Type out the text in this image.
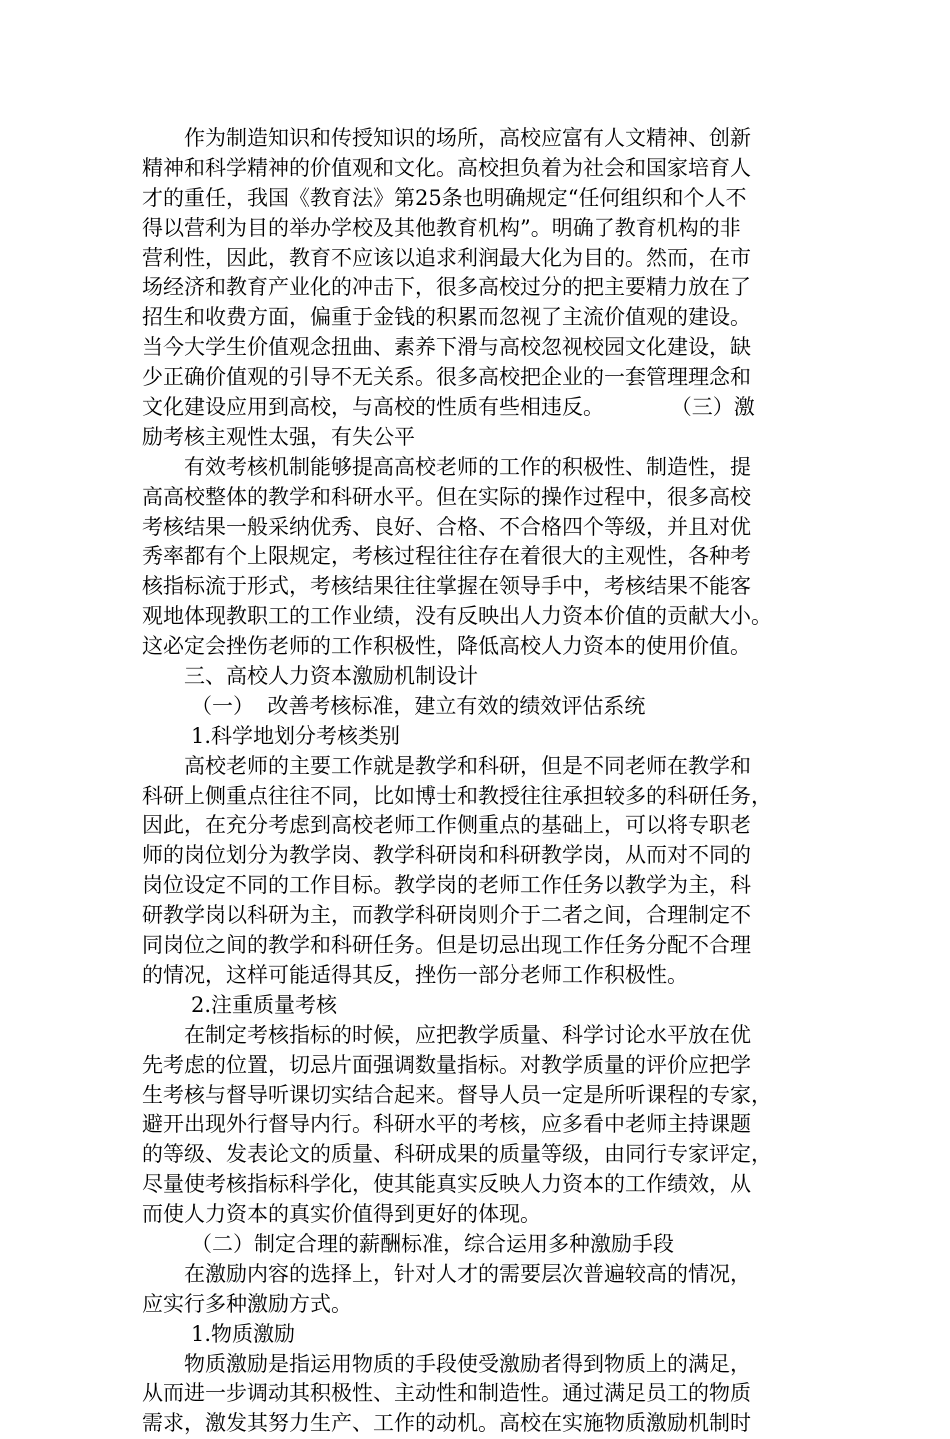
作为制造知识和传授知识的场所，高校应富有人文精神、创新
精神和科学精神的价值观和文化。高校担负着为社会和国家培育人
才的重任，我国《教育法》第25条也明确规定“任何组织和个人不
得以营利为目的举办学校及其他教育机构”。明确了教育机构的非
营利性，因此，教育不应该以追求利润最大化为目的。然而，在市
场经济和教育产业化的冲击下，很多高校过分的把主要精力放在了
招生和收费方面，偏重于金钱的积累而忽视了主流价值观的建设。
当今大学生价值观念扭曲、素养下滑与高校忽视校园文化建设，缺
少正确价值观的引导不无关系。很多高校把企业的一套管理理念和
文化建设应用到高校，与高校的性质有些相违反。          （三）激
励考核主观性太强，有失公平
有效考核机制能够提高高校老师的工作的积极性、制造性，提
高高校整体的教学和科研水平。但在实际的操作过程中，很多高校
考核结果一般采纳优秀、良好、合格、不合格四个等级，并且对优
秀率都有个上限规定，考核过程往往存在着很大的主观性，各种考
核指标流于形式，考核结果往往掌握在领导手中，考核结果不能客
观地体现教职工的工作业绩，没有反映出人力资本价值的贡献大小。
这必定会挫伤老师的工作积极性，降低高校人力资本的使用价值。
三、高校人力资本激励机制设计
（一）  改善考核标准，建立有效的绩效评估系统
1.科学地划分考核类别
高校老师的主要工作就是教学和科研，但是不同老师在教学和
科研上侧重点往往不同，比如博士和教授往往承担较多的科研任务，
因此，在充分考虑到高校老师工作侧重点的基础上，可以将专职老
师的岗位划分为教学岗、教学科研岗和科研教学岗，从而对不同的
岗位设定不同的工作目标。教学岗的老师工作任务以教学为主，科
研教学岗以科研为主，而教学科研岗则介于二者之间，合理制定不
同岗位之间的教学和科研任务。但是切忌出现工作任务分配不合理
的情况，这样可能适得其反，挫伤一部分老师工作积极性。
2.注重质量考核
在制定考核指标的时候，应把教学质量、科学讨论水平放在优
先考虑的位置，切忌片面强调数量指标。对教学质量的评价应把学
生考核与督导听课切实结合起来。督导人员一定是所听课程的专家，
避开出现外行督导内行。科研水平的考核，应多看中老师主持课题
的等级、发表论文的质量、科研成果的质量等级，由同行专家评定，
尽量使考核指标科学化，使其能真实反映人力资本的工作绩效，从
而使人力资本的真实价值得到更好的体现。
（二）制定合理的薪酬标准，综合运用多种激励手段
在激励内容的选择上，针对人才的需要层次普遍较高的情况，
应实行多种激励方式。
1.物质激励
物质激励是指运用物质的手段使受激励者得到物质上的满足，
从而进一步调动其积极性、主动性和制造性。通过满足员工的物质
需求，激发其努力生产、工作的动机。高校在实施物质激励机制时
